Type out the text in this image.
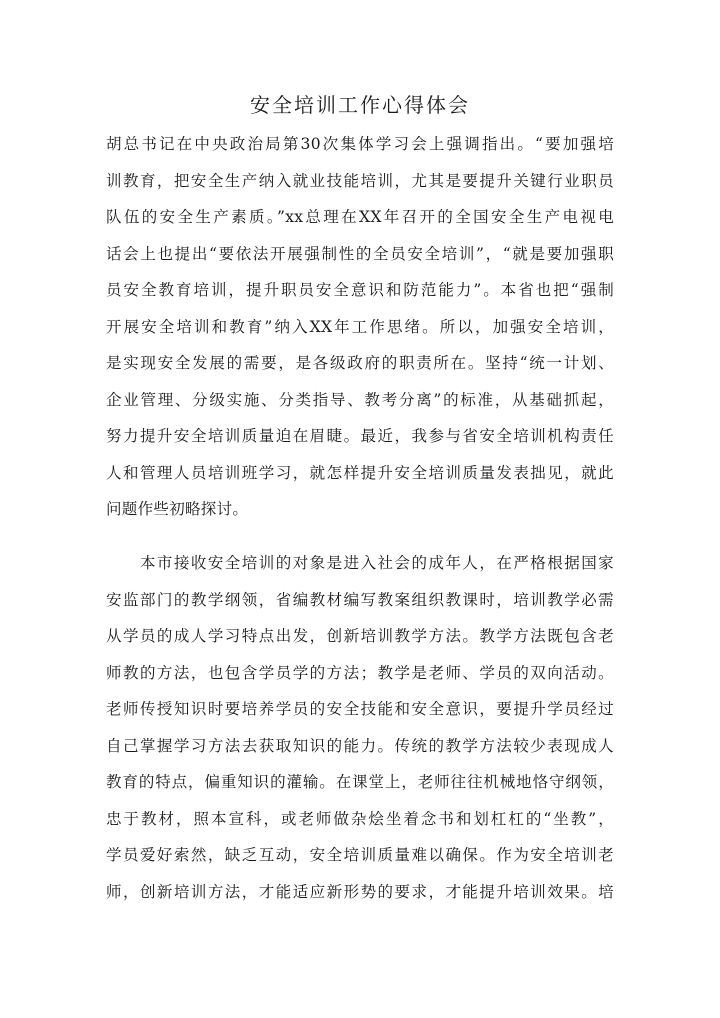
安全培训工作心得体会
胡总书记在中央政治局第30次集体学习会上强调指出。“要加强培
训教育，把安全生产纳入就业技能培训，尤其是要提升关键行业职员
队伍的安全生产素质。”xx总理在XX年召开的全国安全生产电视电
话会上也提出“要依法开展强制性的全员安全培训”，“就是要加强职
员安全教育培训，提升职员安全意识和防范能力”。本省也把“强制
开展安全培训和教育”纳入XX年工作思绪。所以，加强安全培训，
是实现安全发展的需要，是各级政府的职责所在。坚持“统一计划、
企业管理、分级实施、分类指导、教考分离”的标准，从基础抓起，
努力提升安全培训质量迫在眉睫。最近，我参与省安全培训机构责任
人和管理人员培训班学习，就怎样提升安全培训质量发表拙见，就此
问题作些初略探讨。
　　本市接收安全培训的对象是进入社会的成年人，在严格根据国家
安监部门的教学纲领，省编教材编写教案组织教课时，培训教学必需
从学员的成人学习特点出发，创新培训教学方法。教学方法既包含老
师教的方法，也包含学员学的方法；教学是老师、学员的双向活动。
老师传授知识时要培养学员的安全技能和安全意识，要提升学员经过
自己掌握学习方法去获取知识的能力。传统的教学方法较少表现成人
教育的特点，偏重知识的灌输。在课堂上，老师往往机械地恪守纲领，
忠于教材，照本宣科，或老师做杂烩坐着念书和划杠杠的“坐教”，
学员爱好索然，缺乏互动，安全培训质量难以确保。作为安全培训老
师，创新培训方法，才能适应新形势的要求，才能提升培训效果。培
